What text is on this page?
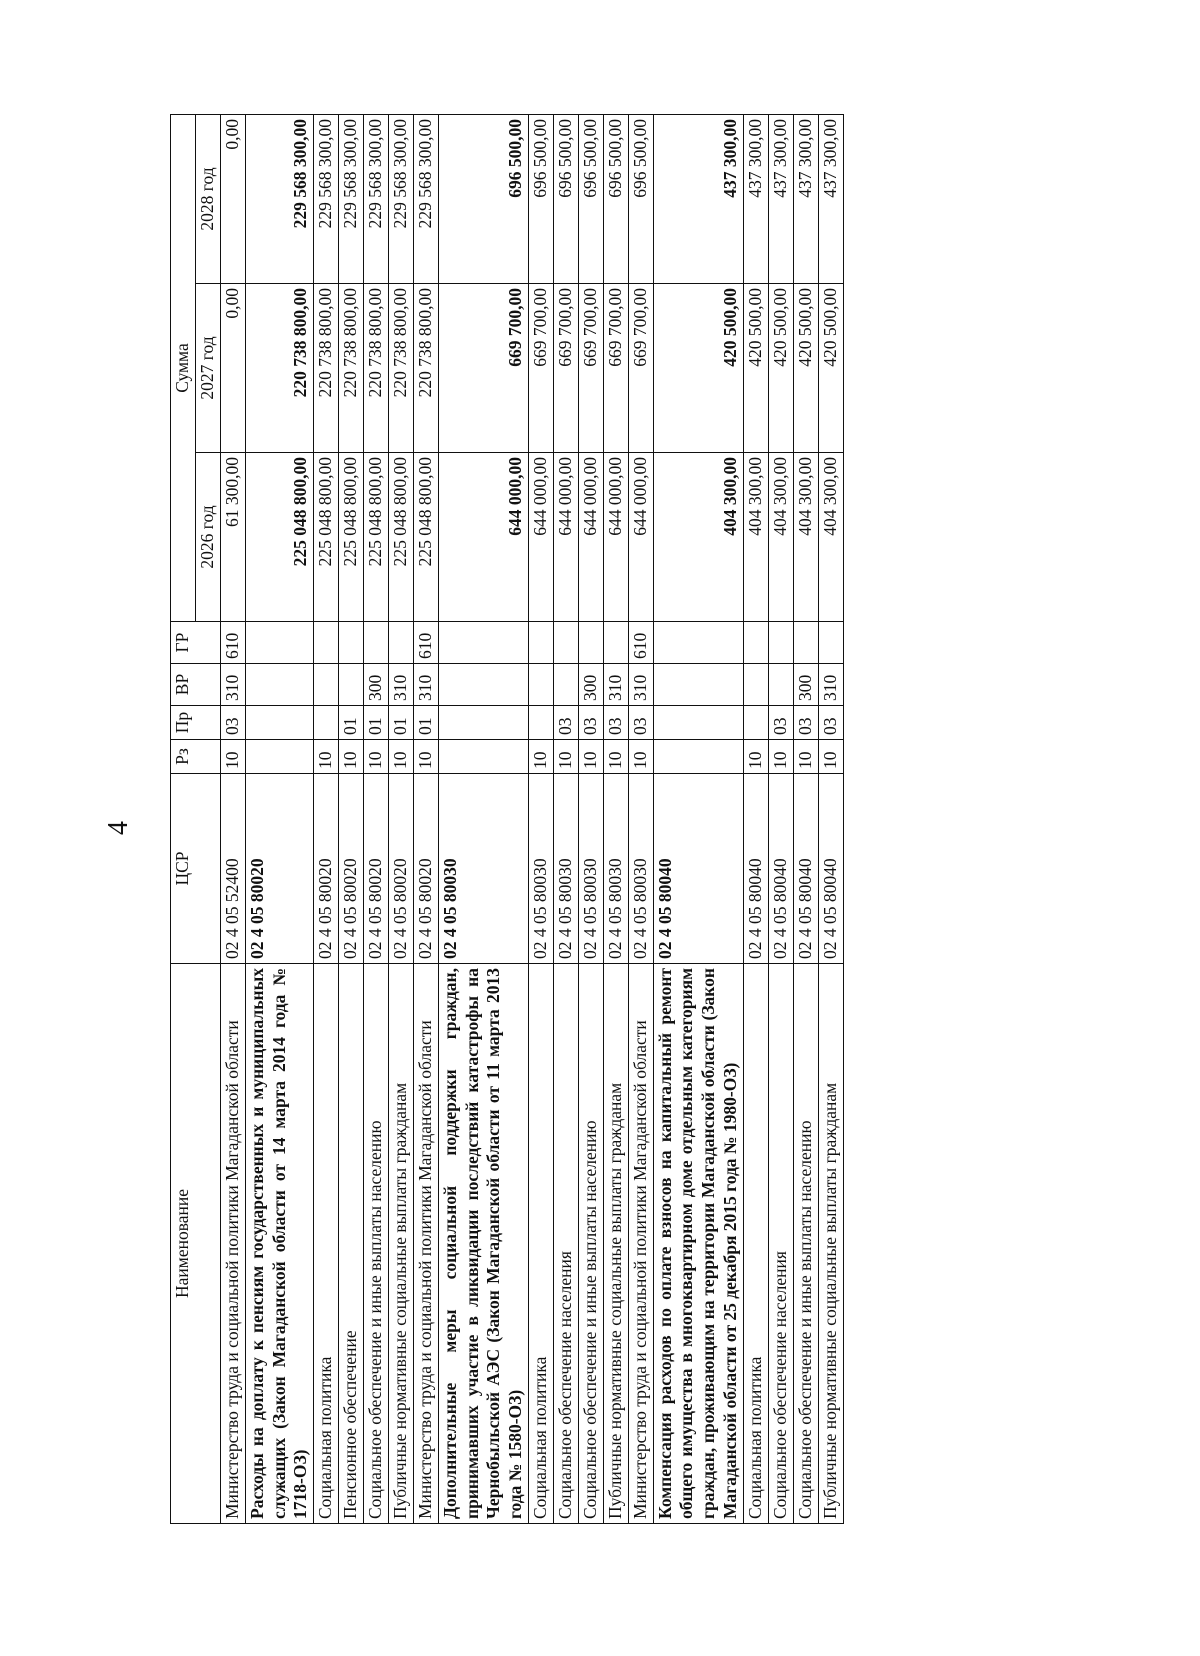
4
Наименование	ЦСР	Рз	Пр	ВР	ГР	Сумма		
						2026 год	2027 год	2028 год
Министерство труда и социальной политики Магаданской области	02 4 05 52400	10	03	310	610	61 300,00	0,00	0,00
Расходы на доплату к пенсиям государственных и муниципальных служащих (Закон Магаданской области от 14 марта 2014 года № 1718-ОЗ)	02 4 05 80020					225 048 800,00	220 738 800,00	229 568 300,00
Социальная политика	02 4 05 80020	10				225 048 800,00	220 738 800,00	229 568 300,00
Пенсионное обеспечение	02 4 05 80020	10	01			225 048 800,00	220 738 800,00	229 568 300,00
Социальное обеспечение и иные выплаты населению	02 4 05 80020	10	01	300		225 048 800,00	220 738 800,00	229 568 300,00
Публичные нормативные социальные выплаты гражданам	02 4 05 80020	10	01	310		225 048 800,00	220 738 800,00	229 568 300,00
Министерство труда и социальной политики Магаданской области	02 4 05 80020	10	01	310	610	225 048 800,00	220 738 800,00	229 568 300,00
Дополнительные меры социальной поддержки граждан, принимавших участие в ликвидации последствий катастрофы на Чернобыльской АЭС (Закон Магаданской области от 11 марта 2013 года № 1580-ОЗ)	02 4 05 80030					644 000,00	669 700,00	696 500,00
Социальная политика	02 4 05 80030	10				644 000,00	669 700,00	696 500,00
Социальное обеспечение населения	02 4 05 80030	10	03			644 000,00	669 700,00	696 500,00
Социальное обеспечение и иные выплаты населению	02 4 05 80030	10	03	300		644 000,00	669 700,00	696 500,00
Публичные нормативные социальные выплаты гражданам	02 4 05 80030	10	03	310		644 000,00	669 700,00	696 500,00
Министерство труда и социальной политики Магаданской области	02 4 05 80030	10	03	310	610	644 000,00	669 700,00	696 500,00
Компенсация расходов по оплате взносов на капитальный ремонт общего имущества в многоквартирном доме отдельным категориям граждан, проживающим на территории Магаданской области (Закон Магаданской области от 25 декабря 2015 года № 1980-ОЗ)	02 4 05 80040					404 300,00	420 500,00	437 300,00
Социальная политика	02 4 05 80040	10				404 300,00	420 500,00	437 300,00
Социальное обеспечение населения	02 4 05 80040	10	03			404 300,00	420 500,00	437 300,00
Социальное обеспечение и иные выплаты населению	02 4 05 80040	10	03	300		404 300,00	420 500,00	437 300,00
Публичные нормативные социальные выплаты гражданам	02 4 05 80040	10	03	310		404 300,00	420 500,00	437 300,00
